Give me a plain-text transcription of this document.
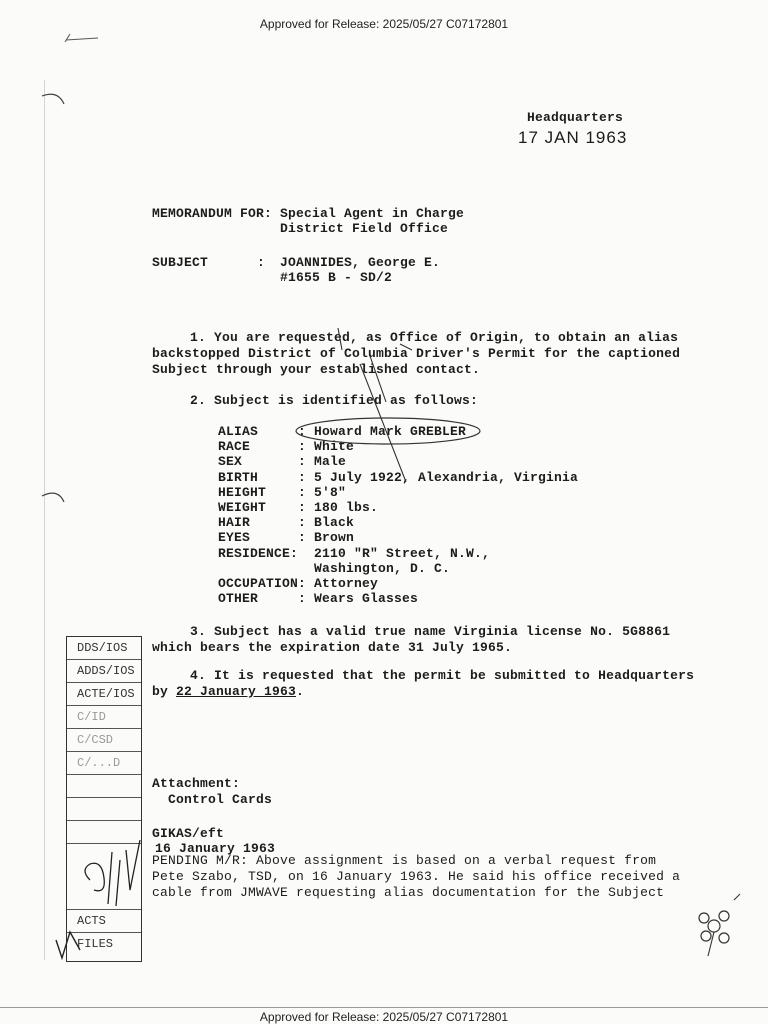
Approved for Release: 2025/05/27 C07172801
Approved for Release: 2025/05/27 C07172801
Headquarters
17 JAN 1963
MEMORANDUM FOR: Special Agent in Charge
District Field Office
SUBJECT	: JOANNIDES, George E.
#1655 B - SD/2
1. You are requested, as Office of Origin, to obtain an alias
backstopped District of Columbia Driver's Permit for the captioned
Subject through your established contact.
2. Subject is identified as follows:
ALIAS	: Howard Mark GREBLER
RACE	: White
SEX	: Male
BIRTH	: 5 July 1922, Alexandria, Virginia
HEIGHT : 5'8"
WEIGHT : 180 lbs.
HAIR	: Black
EYES	: Brown
RESIDENCE: 2110 "R" Street, N.W.,
Washington, D. C.
OCCUPATION: Attorney
OTHER	: Wears Glasses
3. Subject has a valid true name Virginia license No. 5G8861
which bears the expiration date 31 July 1965.
4. It is requested that the permit be submitted to Headquarters
by 22 January 1963.
Attachment:
Control Cards
GIKAS/eft
16 January 1963
PENDING M/R: Above assignment is based on a verbal request from
Pete Szabo, TSD, on 16 January 1963. He said his office received a
cable from JMWAVE requesting alias documentation for the Subject
DDS/IOS
ADDS/IOS
ACTE/IOS
C/ID
C/CSD
C/...D
ACTS
FILES
